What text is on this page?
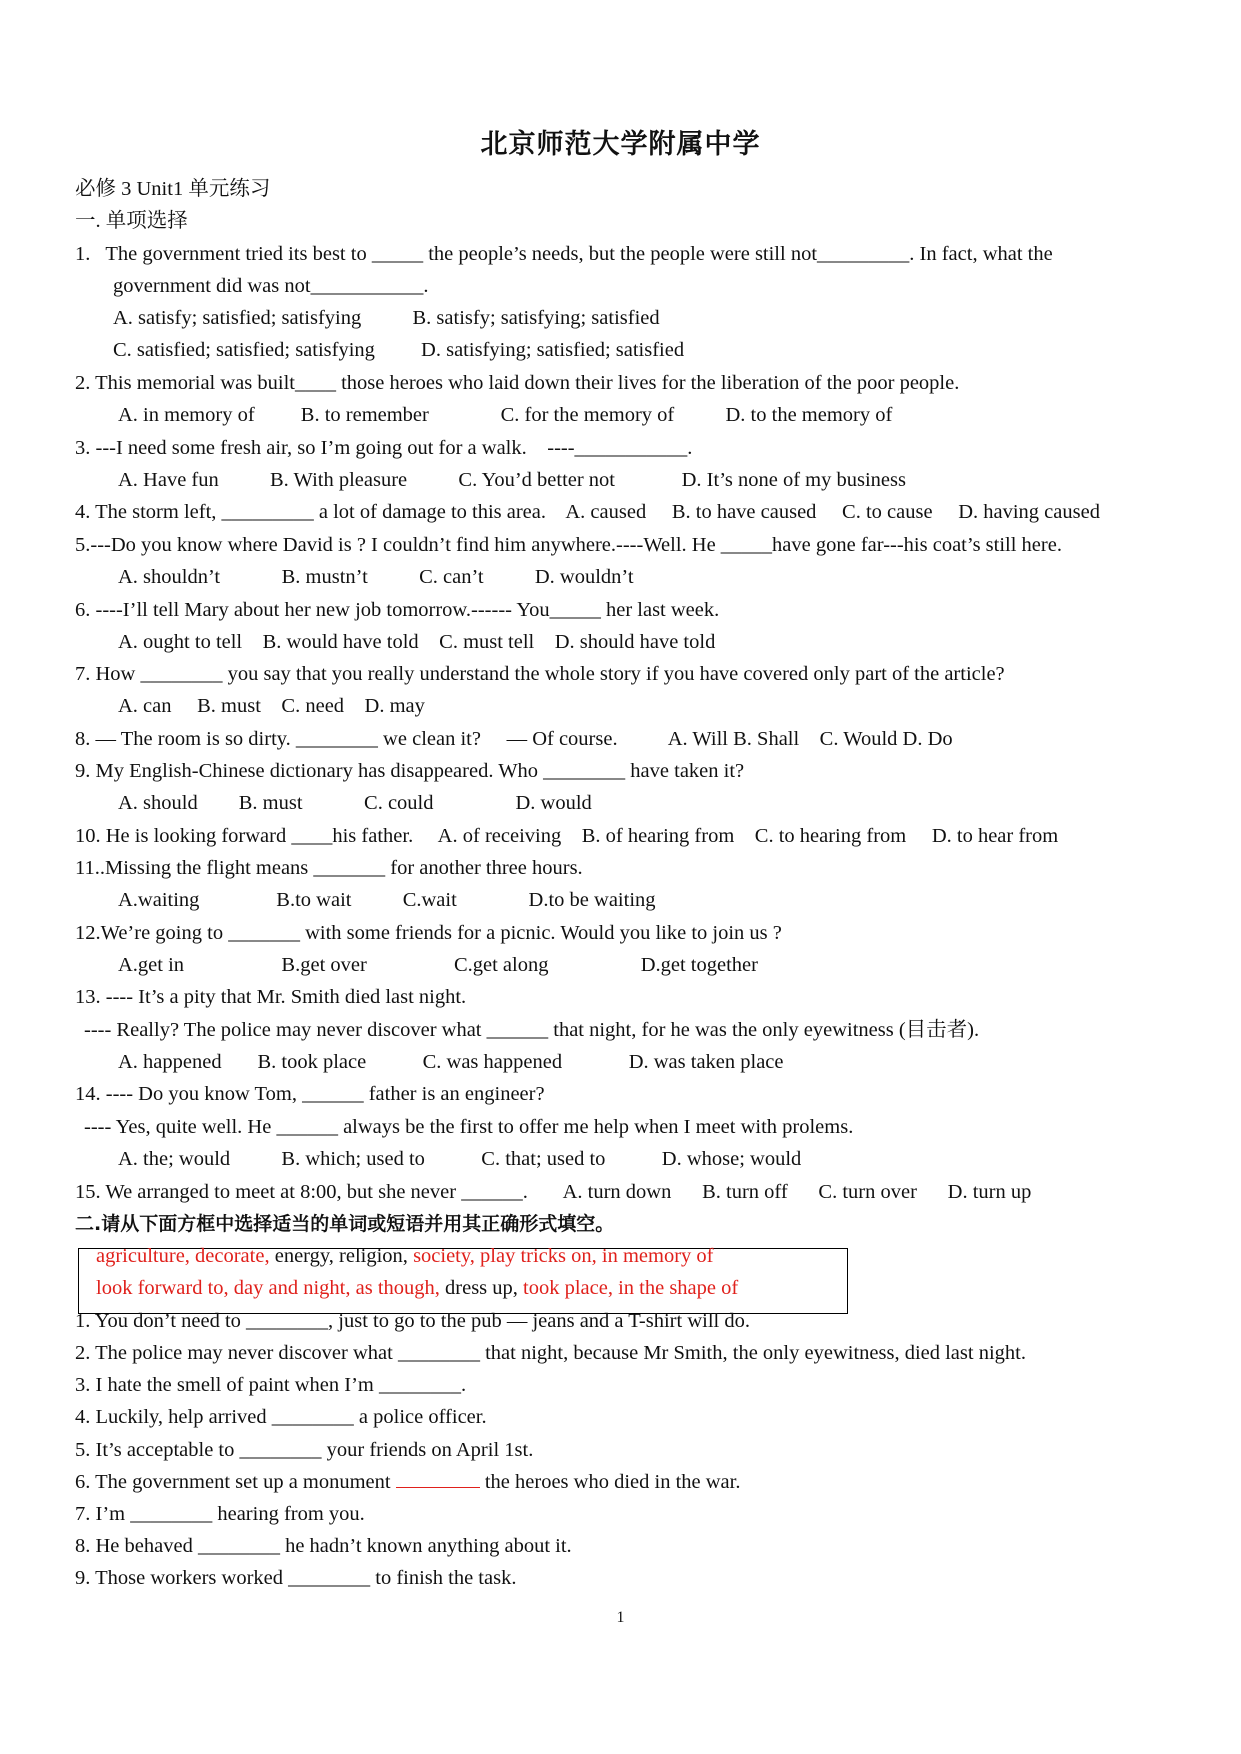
北京师范大学附属中学
必修 3 Unit1 单元练习
一. 单项选择
1.   The government tried its best to _____ the people’s needs, but the people were still not_________. In fact, what the
government did was not___________.
A. satisfy; satisfied; satisfying          B. satisfy; satisfying; satisfied
C. satisfied; satisfied; satisfying         D. satisfying; satisfied; satisfied
2. This memorial was built____ those heroes who laid down their lives for the liberation of the poor people.
A. in memory of         B. to remember              C. for the memory of          D. to the memory of
3. ---I need some fresh air, so I’m going out for a walk.    ----___________.
A. Have fun          B. With pleasure          C. You’d better not             D. It’s none of my business
4. The storm left, _________ a lot of damage to this area.    A. caused     B. to have caused     C. to cause     D. having caused
5.---Do you know where David is ? I couldn’t find him anywhere.----Well. He _____have gone far---his coat’s still here.
A. shouldn’t            B. mustn’t          C. can’t          D. wouldn’t
6. ----I’ll tell Mary about her new job tomorrow.------ You_____ her last week.
A. ought to tell    B. would have told    C. must tell    D. should have told
7. How ________ you say that you really understand the whole story if you have covered only part of the article?
A. can     B. must    C. need    D. may
8. — The room is so dirty. ________ we clean it?     — Of course.          A. Will B. Shall    C. Would D. Do
9. My English-Chinese dictionary has disappeared. Who ________ have taken it?
A. should        B. must            C. could                D. would
10. He is looking forward ____his father.     A. of receiving    B. of hearing from    C. to hearing from     D. to hear from
11..Missing the flight means _______ for another three hours.
A.waiting               B.to wait          C.wait              D.to be waiting
12.We’re going to _______ with some friends for a picnic. Would you like to join us ?
A.get in                   B.get over                 C.get along                  D.get together
13. ---- It’s a pity that Mr. Smith died last night.
---- Really? The police may never discover what ______ that night, for he was the only eyewitness (目击者).
A. happened       B. took place           C. was happened             D. was taken place
14. ---- Do you know Tom, ______ father is an engineer?
---- Yes, quite well. He ______ always be the first to offer me help when I meet with prolems.
A. the; would          B. which; used to           C. that; used to           D. whose; would
15. We arranged to meet at 8:00, but she never ______.       A. turn down      B. turn off      C. turn over      D. turn up
二.请从下面方框中选择适当的单词或短语并用其正确形式填空。
agriculture, decorate, energy, religion, society, play tricks on, in memory of
look forward to, day and night, as though, dress up, took place, in the shape of
1. You don’t need to ________, just to go to the pub — jeans and a T-shirt will do.
2. The police may never discover what ________ that night, because Mr Smith, the only eyewitness, died last night.
3. I hate the smell of paint when I’m ________.
4. Luckily, help arrived ________ a police officer.
5. It’s acceptable to ________ your friends on April 1st.
6. The government set up a monument	the heroes who died in the war.
7. I’m ________ hearing from you.
8. He behaved ________ he hadn’t known anything about it.
9. Those workers worked ________ to finish the task.
1
